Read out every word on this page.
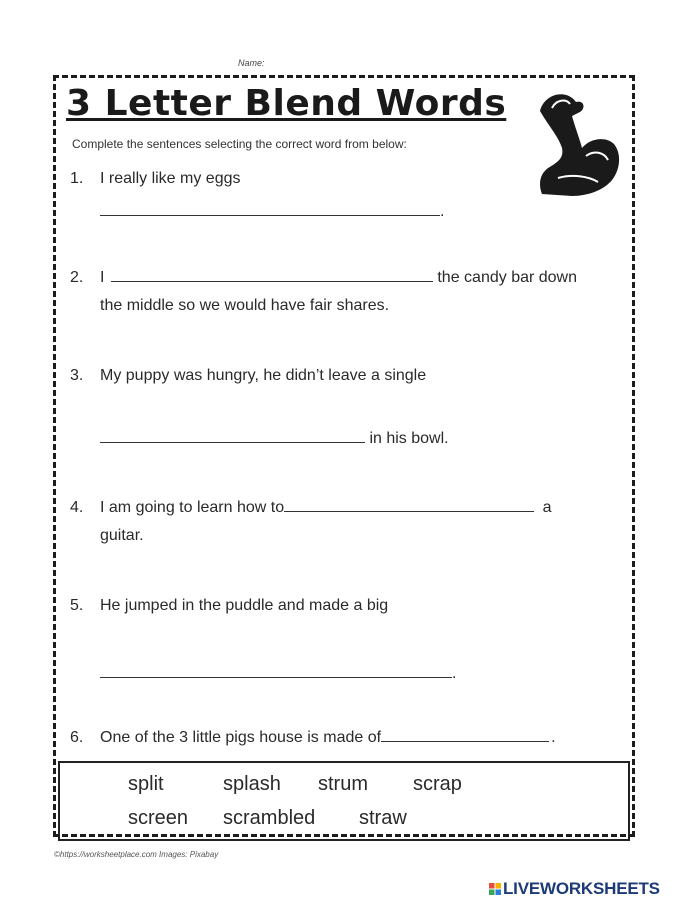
Name:
3 Letter Blend Words
Complete the sentences selecting the correct word from below:
1. I really like my eggs
.
2. I	the candy bar down
the middle so we would have fair shares.
3. My puppy was hungry, he didn’t leave a single
in his bowl.
4. I am going to learn how to	a
guitar.
5. He jumped in the puddle and made a big
.
6. One of the 3 little pigs house is made of	.
split	splash strum scrap
screen scrambled straw
©https://worksheetplace.com Images: Pixabay
LIVEWORKSHEETS
